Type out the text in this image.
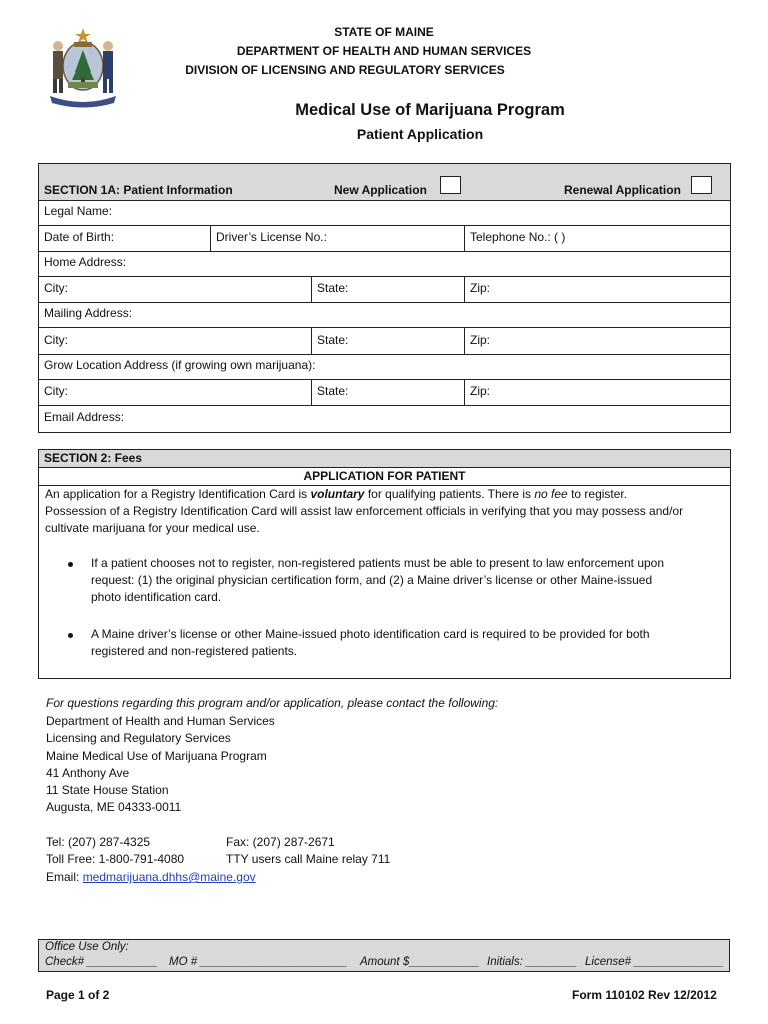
STATE OF MAINE
DEPARTMENT OF HEALTH AND HUMAN SERVICES
DIVISION OF LICENSING AND REGULATORY SERVICES
Medical Use of Marijuana Program
Patient Application
SECTION 1A: Patient Information	New Application	Renewal Application
Legal Name:
Date of Birth:	Driver’s License No.:	Telephone No.: ( )
Home Address:
City:	State:	Zip:
Mailing Address:
City:	State:	Zip:
Grow Location Address (if growing own marijuana):
City:	State:	Zip:
Email Address:
SECTION 2: Fees
APPLICATION FOR PATIENT
An application for a Registry Identification Card is voluntary for qualifying patients. There is no fee to register.
Possession of a Registry Identification Card will assist law enforcement officials in verifying that you may possess and/or
cultivate marijuana for your medical use.
If a patient chooses not to register, non-registered patients must be able to present to law enforcement upon
request: (1) the original physician certification form, and (2) a Maine driver’s license or other Maine-issued
photo identification card.
A Maine driver’s license or other Maine-issued photo identification card is required to be provided for both
registered and non-registered patients.
For questions regarding this program and/or application, please contact the following:
Department of Health and Human Services
Licensing and Regulatory Services
Maine Medical Use of Marijuana Program
41 Anthony Ave
11 State House Station
Augusta, ME 04333-0011
Tel: (207) 287-4325	Fax: (207) 287-2671
Toll Free: 1-800-791-4080	TTY users call Maine relay 711
Email: medmarijuana.dhhs@maine.gov
Office Use Only:
Check# ___________ MO # _______________________ Amount $___________ Initials: ________ License# ______________
Page 1 of 2	Form 110102 Rev 12/2012
